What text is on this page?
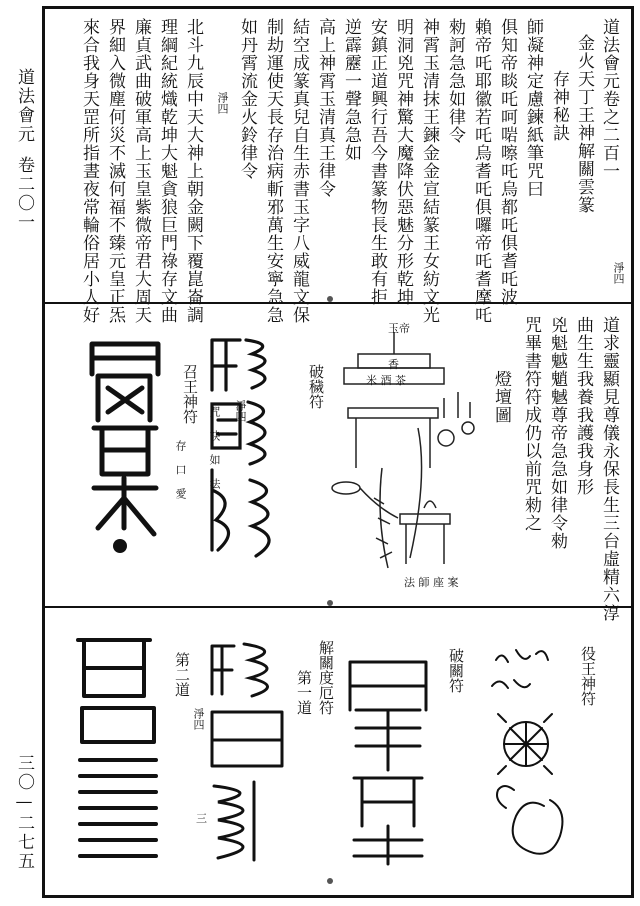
道法會元
卷二〇一
三〇—二七五
道法會元卷之二百一
金火天丁王神解關雲篆
存神秘訣
師凝神定慮鍊紙筆咒曰
俱知帝睒吒呵啱嚓吒烏都吒俱耆吒波
賴帝吒耶徽若吒烏耆吒俱囉帝吒耆摩吒
勑訶急急如律令
神霄玉清抹王鍊金金宣結篆王女紡文光
明洞兇咒神驚大魔降伏惡魅分形乾坤
安鎮正道興行吾今書篆物長生敢有拒
逆霹靂一聲急急如
高上神霄玉清真王律令
結空成篆真兒自生赤書玉字八威龍文保
制劫運使天長存治病斬邪萬生安寧急急
如丹霄流金火鈴律令
北斗九辰中天大神上朝金闕下覆崑崙調
理綱紀統熾乾坤大魁貪狼巨門祿存文曲
廉貞武曲破軍高上玉皇紫微帝君大周天
界細入微塵何災不滅何福不臻元皇正炁
來合我身天罡所指晝夜常輪俗居小人好	淨四
淨四
道求靈顯見尊儀永保長生三台虛精六淳
曲生生我養我護我身形
兇魁魆魈魊尊帝急急如律令勑
咒畢書符符成仍以前咒勑之
燈壇圖
玉帝
香
米 酒 茶
法 師 座 案
破穢符
淨四
召王神符
咒 訣 如 法
存 口 愛
役王神符
破關符
解關度厄符
第一道
淨四
三
第二道
